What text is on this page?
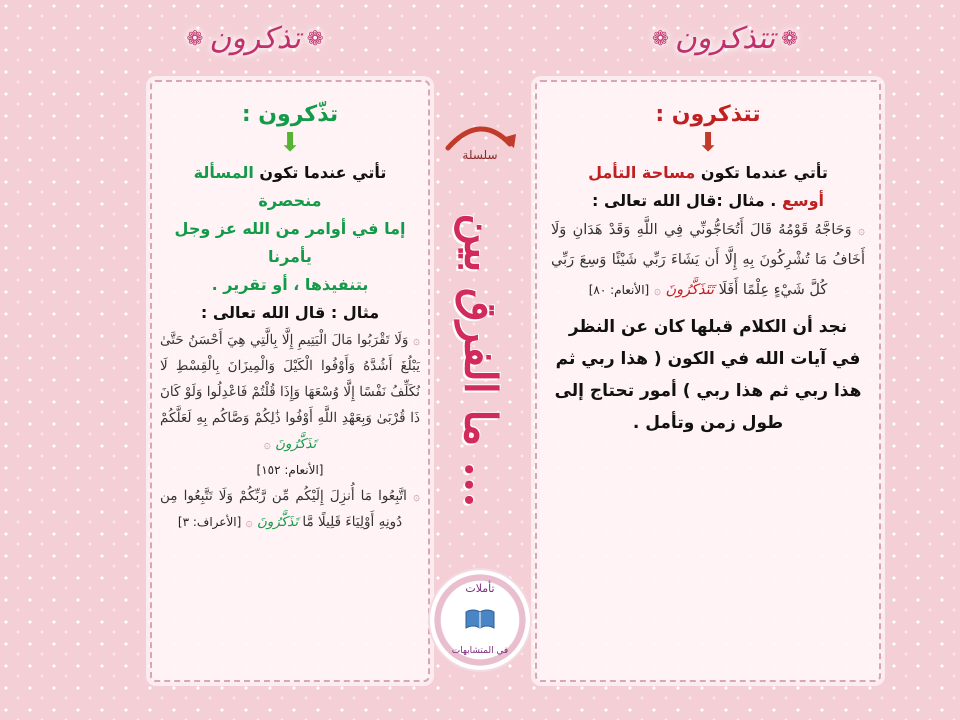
❁ تذكرون ❁	❁ تتذكرون ❁
تذّكرون :
⬇
تأتي عندما تكون المسألة منحصرة
إما في أوامر من الله عز وجل يأمرنا
بتنفيذها ، أو تقرير .
مثال : قال الله تعالى :
۞ وَلَا تَقْرَبُوا مَالَ الْيَتِيمِ إِلَّا بِالَّتِي هِيَ أَحْسَنُ حَتَّىٰ يَبْلُغَ أَشُدَّهُ وَأَوْفُوا الْكَيْلَ وَالْمِيزَانَ بِالْقِسْطِ لَا نُكَلِّفُ نَفْسًا إِلَّا وُسْعَهَا وَإِذَا قُلْتُمْ فَاعْدِلُوا وَلَوْ كَانَ ذَا قُرْبَىٰ وَبِعَهْدِ اللَّهِ أَوْفُوا ذَٰلِكُمْ وَصَّاكُم بِهِ لَعَلَّكُمْ تَذَكَّرُونَ ۞
[الأنعام: ١٥٢]
۞ اتَّبِعُوا مَا أُنزِلَ إِلَيْكُم مِّن رَّبِّكُمْ وَلَا تَتَّبِعُوا مِن دُونِهِ أَوْلِيَاءَ قَلِيلًا مَّا تَذَكَّرُونَ ۞ [الأعراف: ٣]
تتذكرون :
⬇
تأتي عندما تكون مساحة التأمل
أوسع . مثال :قال الله تعالى :
۞ وَحَاجَّهُ قَوْمُهُ قَالَ أَتُحَاجُّونِّي فِي اللَّهِ وَقَدْ هَدَانِ وَلَا أَخَافُ مَا تُشْرِكُونَ بِهِ إِلَّا أَن يَشَاءَ رَبِّي شَيْئًا وَسِعَ رَبِّي كُلَّ شَيْءٍ عِلْمًا أَفَلَا تَتَذَكَّرُونَ ۞ [الأنعام: ٨٠]
نجد أن الكلام قبلها كان عن النظر في آيات الله في الكون ( هذا ربي ثم هذا ربي ثم هذا ربي ) أمور تحتاج إلى طول زمن وتأمل .
سلسلة
ما الفرق بين ...
تأملات
في المتشابهات
